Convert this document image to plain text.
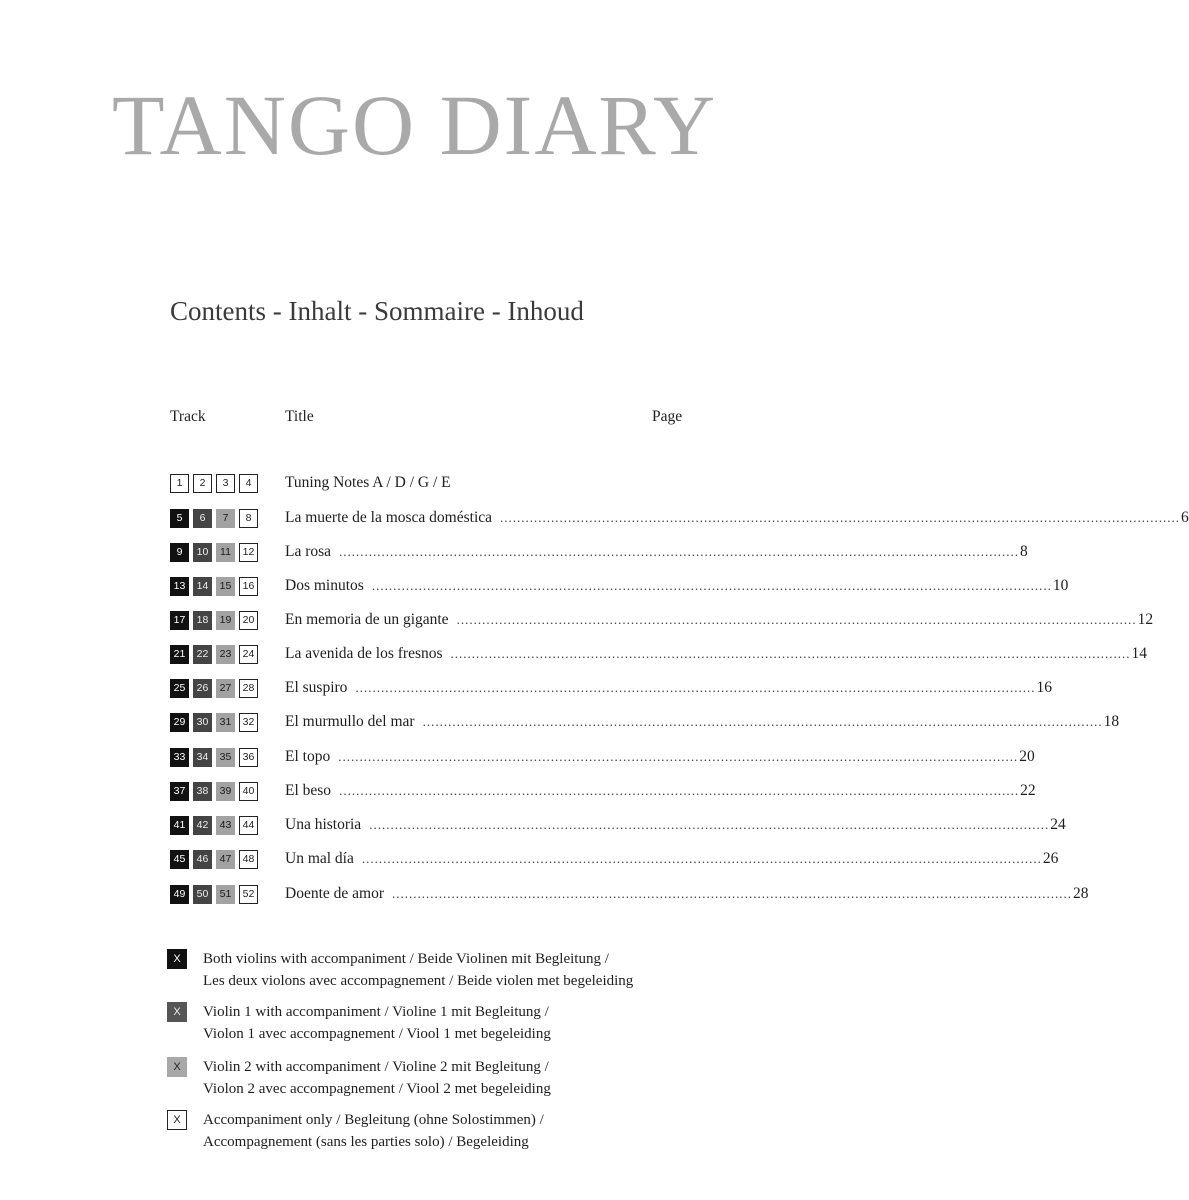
TANGO DIARY
Contents - Inhalt - Sommaire - Inhoud
Track	Title	Page
1	2	3	4	Tuning Notes A / D / G / E
5	6	7	8	La muerte de la mosca doméstica ................................................................................................................................................................ 6
9	10	11	12 La rosa ................................................................................................................................................................ 8
13	14	15	16 Dos minutos ................................................................................................................................................................ 10
17	18	19	20 En memoria de un gigante ................................................................................................................................................................ 12
21	22	23	24 La avenida de los fresnos ................................................................................................................................................................ 14
25	26	27	28 El suspiro ................................................................................................................................................................ 16
29	30	31	32 El murmullo del mar ................................................................................................................................................................ 18
33	34	35	36 El topo ................................................................................................................................................................ 20
37	38	39	40 El beso ................................................................................................................................................................ 22
41	42	43	44 Una historia ................................................................................................................................................................ 24
45	46	47	48 Un mal día ................................................................................................................................................................ 26
49	50	51	52 Doente de amor ................................................................................................................................................................ 28
X	Both violins with accompaniment / Beide Violinen mit Begleitung /
Les deux violons avec accompagnement / Beide violen met begeleiding
X	Violin 1 with accompaniment / Violine 1 mit Begleitung /
Violon 1 avec accompagnement / Viool 1 met begeleiding
X	Violin 2 with accompaniment / Violine 2 mit Begleitung /
Violon 2 avec accompagnement / Viool 2 met begeleiding
X	Accompaniment only / Begleitung (ohne Solostimmen) /
Accompagnement (sans les parties solo) / Begeleiding
